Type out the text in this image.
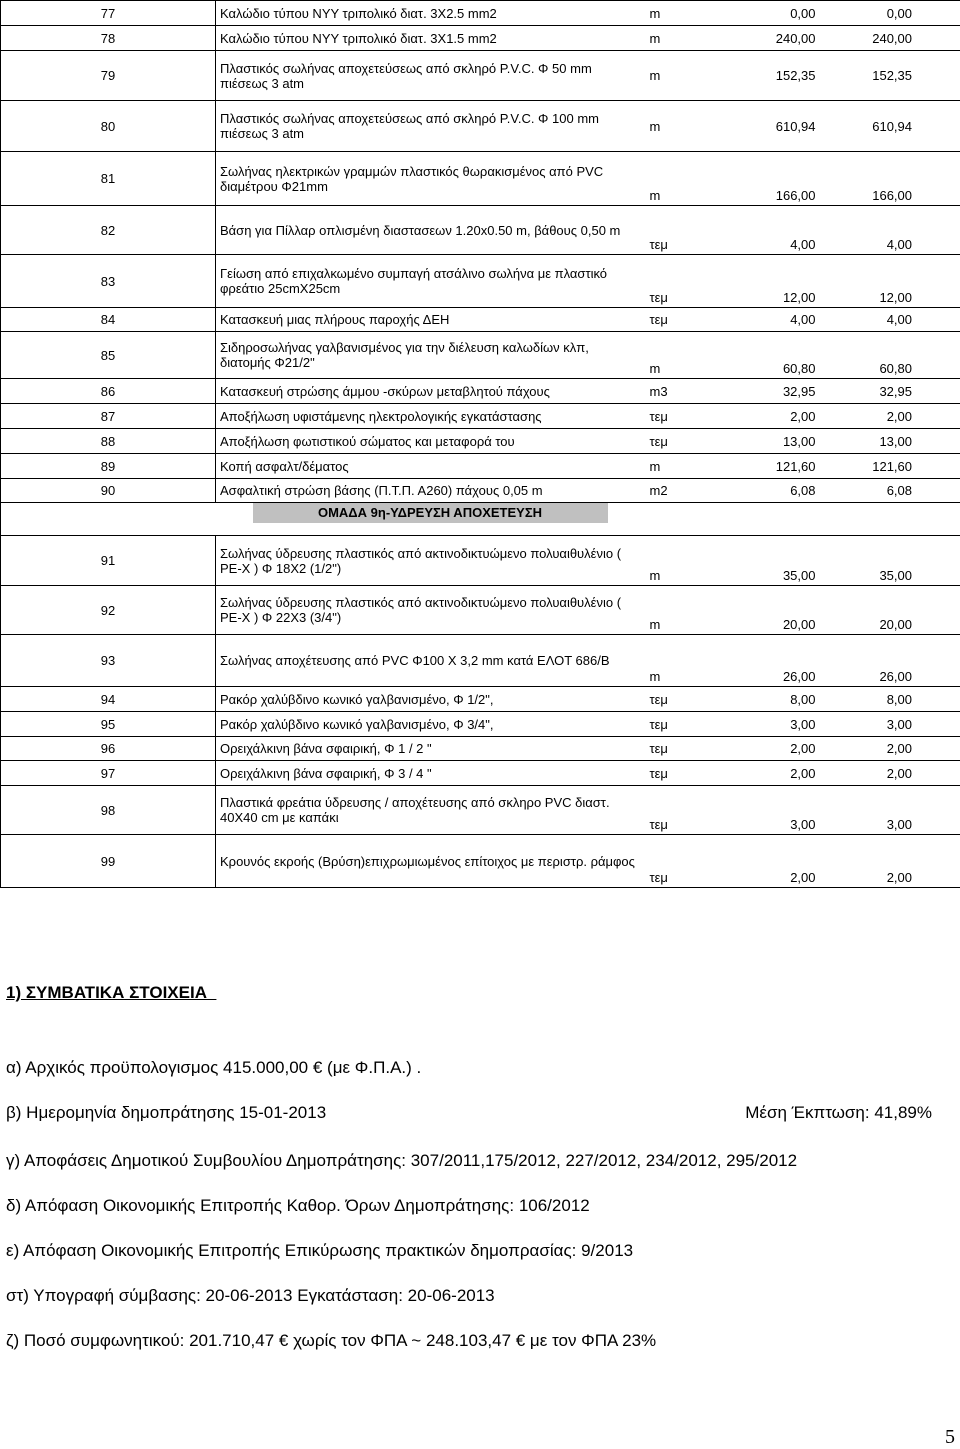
77	Καλώδιο τύπου NYY τριπολικό διατ. 3Χ2.5 mm2	m	0,00	0,00
78	Καλώδιο τύπου NYY τριπολικό διατ. 3Χ1.5 mm2	m	240,00	240,00
79	Πλαστικός σωλήνας αποχετεύσεως από σκληρό P.V.C. Φ 50 mm πιέσεως 3 atm	m	152,35	152,35
80	Πλαστικός σωλήνας αποχετεύσεως από σκληρό P.V.C. Φ 100 mm πιέσεως 3 atm	m	610,94	610,94
81	Σωλήνας ηλεκτρικών γραμμών πλαστικός θωρακισμένος από PVC διαμέτρου Φ21mm	m	166,00	166,00
82	Βάση για Πίλλαρ οπλισμένη διαστασεων 1.20x0.50 m, βάθους 0,50 m	τεμ	4,00	4,00
83	Γείωση από επιχαλκωμένο συμπαγή ατσάλινο σωλήνα με πλαστικό φρεάτιο 25cmX25cm	τεμ	12,00	12,00
84	Κατασκευή μιας πλήρους παροχής ΔΕΗ	τεμ	4,00	4,00
85	Σιδηροσωλήνας γαλβανισμένος για την διέλευση καλωδίων κλπ, διατομής Φ21/2"	m	60,80	60,80
86	Κατασκευή στρώσης άμμου -σκύρων μεταβλητού πάχους	m3	32,95	32,95
87	Αποξήλωση υφιστάμενης ηλεκτρολογικής εγκατάστασης	τεμ	2,00	2,00
88	Αποξήλωση φωτιστικού σώματος και μεταφορά του	τεμ	13,00	13,00
89	Κοπή ασφαλτ/δέματος	m	121,60	121,60
90	Ασφαλτική στρώση βάσης (Π.Τ.Π. Α260) πάχους 0,05 m	m2	6,08	6,08
	ΟΜΑΔΑ 9η-ΥΔΡΕΥΣΗ ΑΠΟΧΕΤΕΥΣΗ			
91	Σωλήνας ύδρευσης πλαστικός από ακτινοδικτυώμενο πολυαιθυλένιο ( PE-X ) Φ 18Χ2 (1/2")	m	35,00	35,00
92	Σωλήνας ύδρευσης πλαστικός από ακτινοδικτυώμενο πολυαιθυλένιο ( PE-X ) Φ 22Χ3 (3/4")	m	20,00	20,00
93	Σωλήνας αποχέτευσης από PVC Φ100 Χ 3,2 mm κατά ΕΛΟΤ 686/Β	m	26,00	26,00
94	Ρακόρ χαλύβδινο κωνικό γαλβανισμένο, Φ 1/2",	τεμ	8,00	8,00
95	Ρακόρ χαλύβδινο κωνικό γαλβανισμένο, Φ 3/4",	τεμ	3,00	3,00
96	Ορειχάλκινη βάνα σφαιρική, Φ 1 / 2 "	τεμ	2,00	2,00
97	Ορειχάλκινη βάνα σφαιρική, Φ 3 / 4 "	τεμ	2,00	2,00
98	Πλαστικά φρεάτια ύδρευσης / αποχέτευσης από σκληρο PVC διαστ. 40Χ40 cm με καπάκι	τεμ	3,00	3,00
99	Κρουνός εκροής (Βρύση)επιχρωμιωμένος επίτοιχος με περιστρ. ράμφος	τεμ	2,00	2,00
1) ΣΥΜΒΑΤΙΚΑ ΣΤΟΙΧΕΙΑ
α) Αρχικός προϋπολογισμος 415.000,00 € (με Φ.Π.Α.) .
β) Ημερομηνία δημοπράτησης 15-01-2013	Μέση Έκπτωση: 41,89%
γ) Αποφάσεις Δημοτικού Συμβουλίου Δημοπράτησης: 307/2011,175/2012, 227/2012, 234/2012, 295/2012
δ) Απόφαση Οικονομικής Επιτροπής Καθορ. Όρων Δημοπράτησης: 106/2012
ε) Απόφαση Οικονομικής Επιτροπής Επικύρωσης πρακτικών δημοπρασίας: 9/2013
στ) Υπογραφή σύμβασης: 20-06-2013 Εγκατάσταση: 20-06-2013
ζ) Ποσό συμφωνητικού: 201.710,47 € χωρίς τον ΦΠΑ ~ 248.103,47 € με τον ΦΠΑ 23%
5
